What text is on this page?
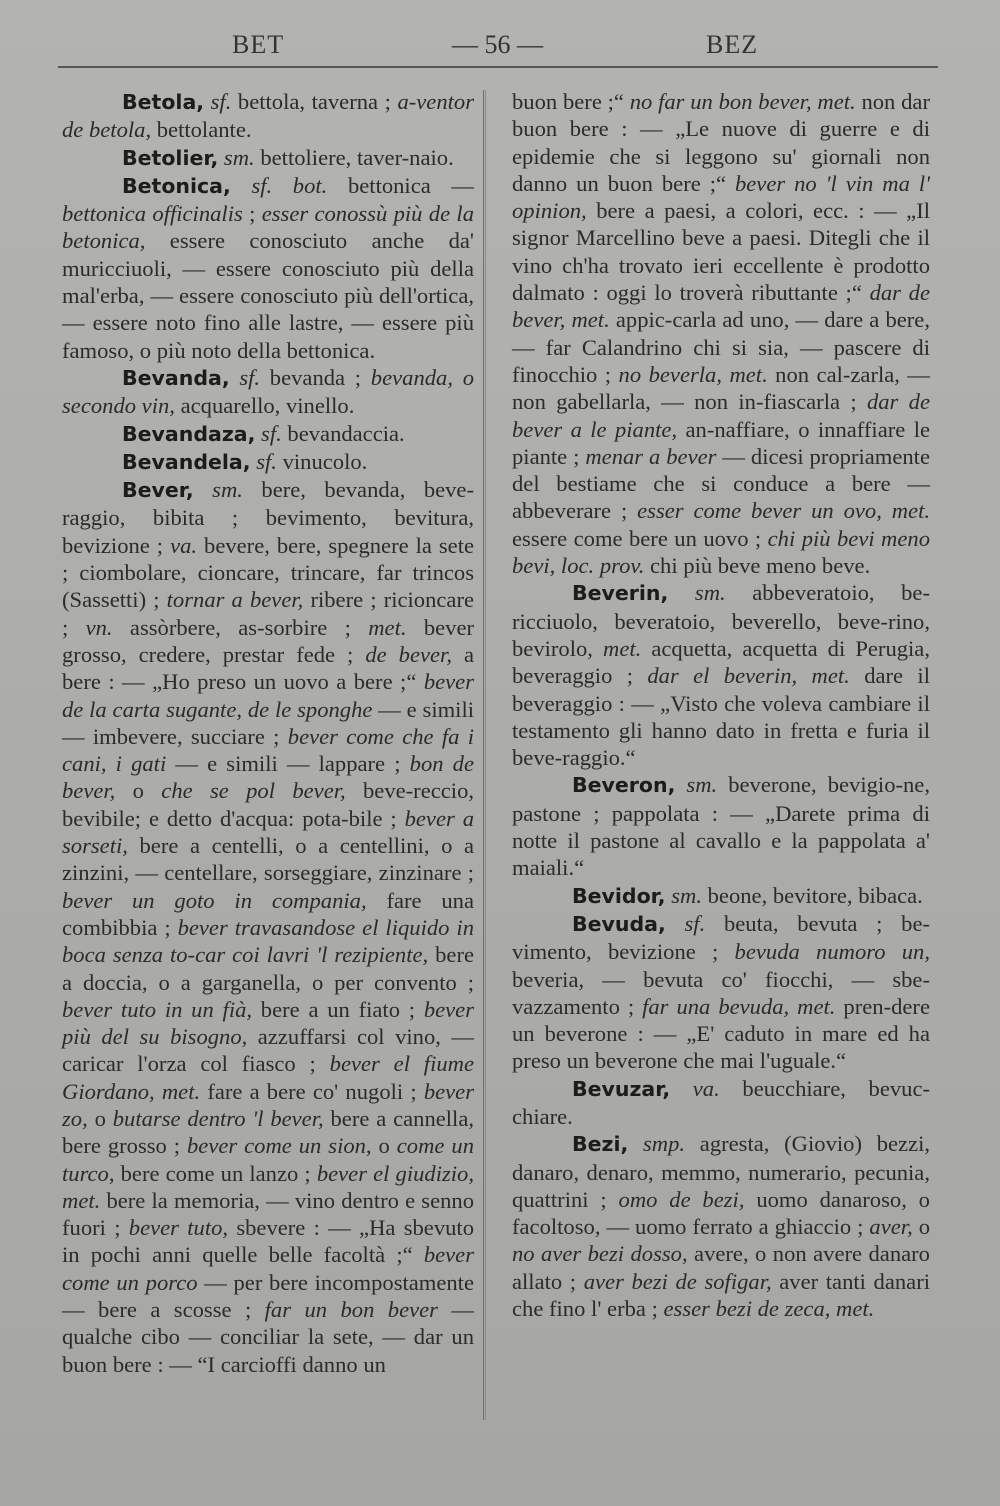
BET	— 56 —	BEZ

Betola, sf. bettola, taverna ; a-ventor de betola, bettolante.

Betolier, sm. bettoliere, taver-naio.

Betonica, sf. bot. bettonica — bettonica officinalis ; esser conossù più de la betonica, essere conosciuto anche da' muricciuoli, — essere conosciuto più della mal'erba, — essere conosciuto più dell'ortica, — essere noto fino alle lastre, — essere più famoso, o più noto della bettonica.

Bevanda, sf. bevanda ; bevanda, o secondo vin, acquarello, vinello.

Bevandaza, sf. bevandaccia.

Bevandela, sf. vinucolo.

Bever, sm. bere, bevanda, beve-raggio, bibita ; bevimento, bevitura, bevizione ; va. bevere, bere, spegnere la sete ; ciombolare, cioncare, trincare, far trincos (Sassetti) ; tornar a bever, ribere ; ricioncare ; vn. assòrbere, as-sorbire ; met. bever grosso, credere, prestar fede ; de bever, a bere : — „Ho preso un uovo a bere ;“ bever de la carta sugante, de le sponghe — e simili — imbevere, succiare ; bever come che fa i cani, i gati — e simili — lappare ; bon de bever, o che se pol bever, beve-reccio, bevibile; e detto d'acqua: pota-bile ; bever a sorseti, bere a centelli, o a centellini, o a zinzini, — centellare, sorseggiare, zinzinare ; bever un goto in compania, fare una combibbia ; bever travasandose el liquido in boca senza to-car coi lavri 'l rezipiente, bere a doccia, o a garganella, o per convento ; bever tuto in un fià, bere a un fiato ; bever più del su bisogno, azzuffarsi col vino, — caricar l'orza col fiasco ; bever el fiume Giordano, met. fare a bere co' nugoli ; bever zo, o butarse dentro 'l bever, bere a cannella, bere grosso ; bever come un sion, o come un turco, bere come un lanzo ; bever el giudizio, met. bere la memoria, — vino dentro e senno fuori ; bever tuto, sbevere : — „Ha sbevuto in pochi anni quelle belle facoltà ;“ bever come un porco — per bere incompostamente — bere a scosse ; far un bon bever — qualche cibo — conciliar la sete, — dar un buon bere : — “I carcioffi danno un

buon bere ;“ no far un bon bever, met. non dar buon bere : — „Le nuove di guerre e di epidemie che si leggono su' giornali non danno un buon bere ;“ bever no 'l vin ma l' opinion, bere a paesi, a colori, ecc. : — „Il signor Marcellino beve a paesi. Ditegli che il vino ch'ha trovato ieri eccellente è prodotto dalmato : oggi lo troverà ributtante ;“ dar de bever, met. appic-carla ad uno, — dare a bere, — far Calandrino chi si sia, — pascere di finocchio ; no beverla, met. non cal-zarla, — non gabellarla, — non in-fiascarla ; dar de bever a le piante, an-naffiare, o innaffiare le piante ; menar a bever — dicesi propriamente del bestiame che si conduce a bere — abbeverare ; esser come bever un ovo, met. essere come bere un uovo ; chi più bevi meno bevi, loc. prov. chi più beve meno beve.

Beverin, sm. abbeveratoio, be-ricciuolo, beveratoio, beverello, beve-rino, bevirolo, met. acquetta, acquetta di Perugia, beveraggio ; dar el beverin, met. dare il beveraggio : — „Visto che voleva cambiare il testamento gli hanno dato in fretta e furia il beve-raggio.“

Beveron, sm. beverone, bevigio-ne, pastone ; pappolata : — „Darete prima di notte il pastone al cavallo e la pappolata a' maiali.“

Bevidor, sm. beone, bevitore, bibaca.

Bevuda, sf. beuta, bevuta ; be-vimento, bevizione ; bevuda numoro un, beveria, — bevuta co' fiocchi, — sbe-vazzamento ; far una bevuda, met. pren-dere un beverone : — „E' caduto in mare ed ha preso un beverone che mai l'uguale.“

Bevuzar, va. beucchiare, bevuc-chiare.

Bezi, smp. agresta, (Giovio) bezzi, danaro, denaro, memmo, numerario, pecunia, quattrini ; omo de bezi, uomo danaroso, o facoltoso, — uomo ferrato a ghiaccio ; aver, o no aver bezi dosso, avere, o non avere danaro allato ; aver bezi de sofigar, aver tanti danari che fino l' erba ; esser bezi de zeca, met.
